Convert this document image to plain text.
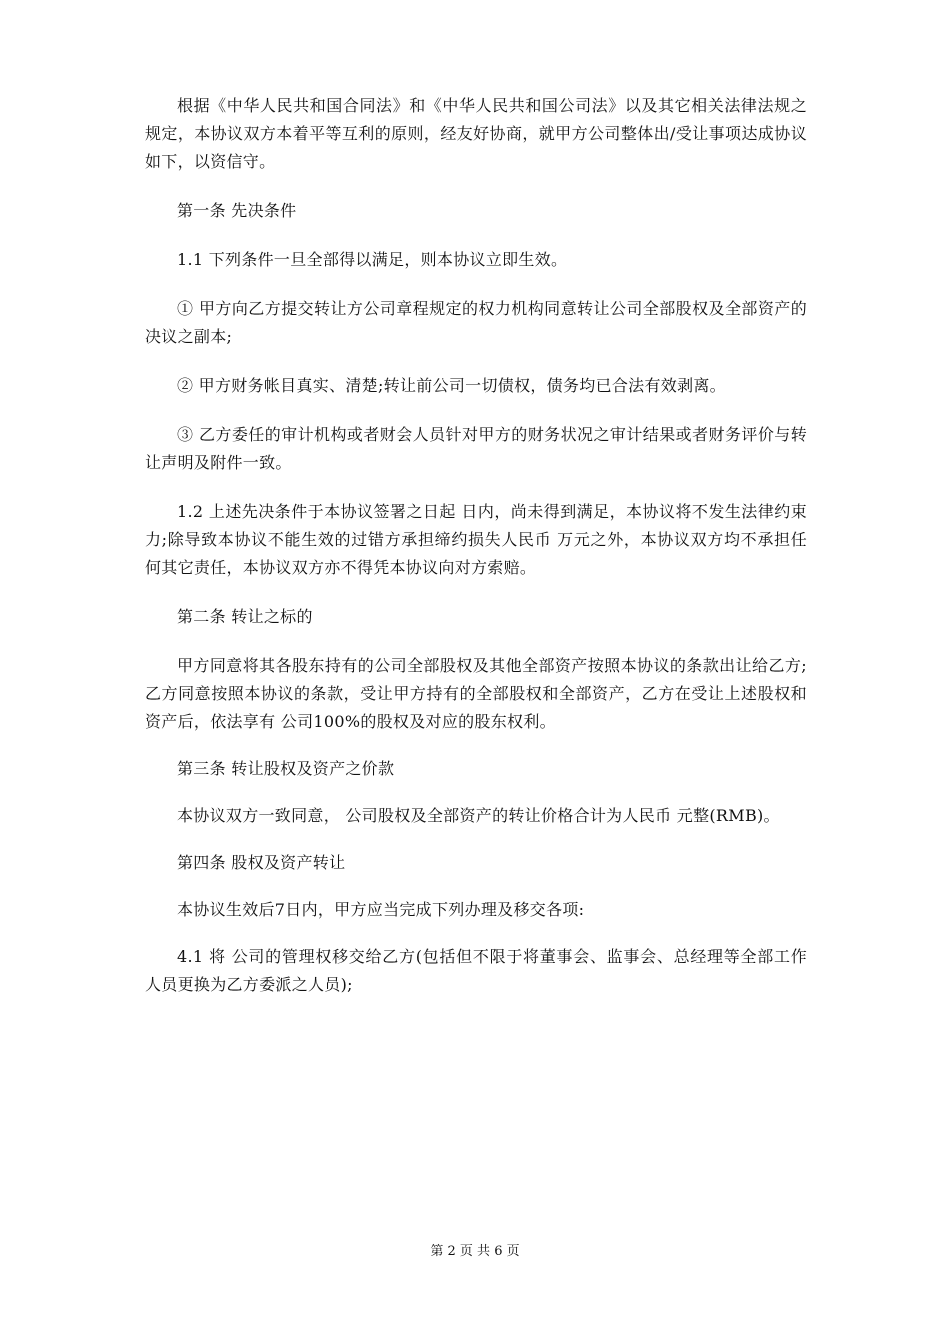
根据《中华人民共和国合同法》和《中华人民共和国公司法》以及其它相关法律法规之规定，本协议双方本着平等互利的原则，经友好协商，就甲方公司整体出/受让事项达成协议如下，以资信守。

第一条 先决条件

1.1 下列条件一旦全部得以满足，则本协议立即生效。

① 甲方向乙方提交转让方公司章程规定的权力机构同意转让公司全部股权及全部资产的决议之副本;

② 甲方财务帐目真实、清楚;转让前公司一切债权，债务均已合法有效剥离。

③ 乙方委任的审计机构或者财会人员针对甲方的财务状况之审计结果或者财务评价与转让声明及附件一致。

1.2 上述先决条件于本协议签署之日起 日内，尚未得到满足，本协议将不发生法律约束力;除导致本协议不能生效的过错方承担缔约损失人民币 万元之外，本协议双方均不承担任何其它责任，本协议双方亦不得凭本协议向对方索赔。

第二条 转让之标的

甲方同意将其各股东持有的公司全部股权及其他全部资产按照本协议的条款出让给乙方;乙方同意按照本协议的条款，受让甲方持有的全部股权和全部资产，乙方在受让上述股权和资产后，依法享有 公司100%的股权及对应的股东权利。

第三条 转让股权及资产之价款

本协议双方一致同意， 公司股权及全部资产的转让价格合计为人民币 元整(RMB)。

第四条 股权及资产转让

本协议生效后7日内，甲方应当完成下列办理及移交各项:

4.1 将 公司的管理权移交给乙方(包括但不限于将董事会、监事会、总经理等全部工作人员更换为乙方委派之人员);

第 2 页 共 6 页
